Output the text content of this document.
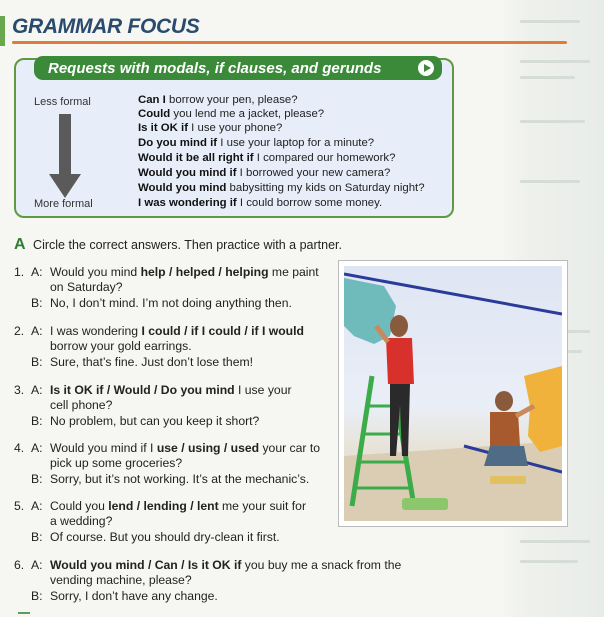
GRAMMAR FOCUS
Requests with modals, if clauses, and gerunds
Less formal
More formal
Can I borrow your pen, please?
Could you lend me a jacket, please?
Is it OK if I use your phone?
Do you mind if I use your laptop for a minute?
Would it be all right if I compared our homework?
Would you mind if I borrowed your new camera?
Would you mind babysitting my kids on Saturday night?
I was wondering if I could borrow some money.
A Circle the correct answers. Then practice with a partner.
1. A: Would you mind help / helped / helping me paint
on Saturday?
B: No, I don’t mind. I’m not doing anything then.
2. A: I was wondering I could / if I could / if I would
borrow your gold earrings.
B: Sure, that’s fine. Just don’t lose them!
3. A: Is it OK if / Would / Do you mind I use your
cell phone?
B: No problem, but can you keep it short?
4. A: Would you mind if I use / using / used your car to
pick up some groceries?
B: Sorry, but it’s not working. It’s at the mechanic’s.
5. A: Could you lend / lending / lent me your suit for
a wedding?
B: Of course. But you should dry-clean it first.
6. A: Would you mind / Can / Is it OK if you buy me a snack from the
vending machine, please?
B: Sorry, I don’t have any change.
